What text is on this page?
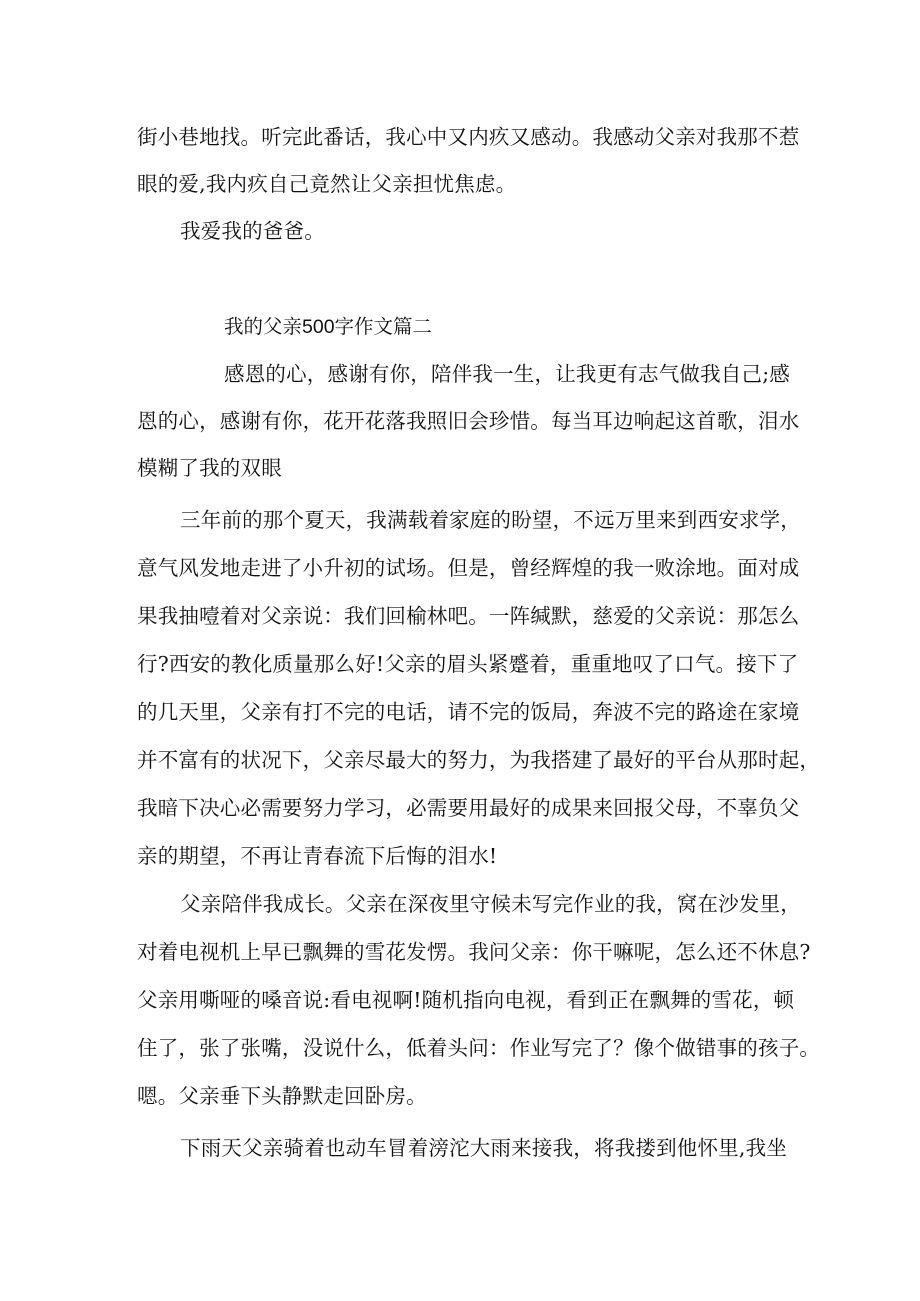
街小巷地找。听完此番话，我心中又内疚又感动。我感动父亲对我那不惹
眼的爱,我内疚自己竟然让父亲担忧焦虑。
我爱我的爸爸。
我的父亲500字作文篇二
感恩的心，感谢有你，陪伴我一生，让我更有志气做我自己;感
恩的心，感谢有你，花开花落我照旧会珍惜。每当耳边响起这首歌，泪水
模糊了我的双眼
三年前的那个夏天，我满载着家庭的盼望，不远万里来到西安求学，
意气风发地走进了小升初的试场。但是，曾经辉煌的我一败涂地。面对成
果我抽噎着对父亲说：我们回榆林吧。一阵缄默，慈爱的父亲说：那怎么
行?西安的教化质量那么好!父亲的眉头紧蹙着，重重地叹了口气。接下了
的几天里，父亲有打不完的电话，请不完的饭局，奔波不完的路途在家境
并不富有的状况下，父亲尽最大的努力，为我搭建了最好的平台从那时起，
我暗下决心必需要努力学习，必需要用最好的成果来回报父母，不辜负父
亲的期望，不再让青春流下后悔的泪水!
父亲陪伴我成长。父亲在深夜里守候未写完作业的我，窝在沙发里，
对着电视机上早已飘舞的雪花发愣。我问父亲：你干嘛呢，怎么还不休息?
父亲用嘶哑的嗓音说:看电视啊!随机指向电视，看到正在飘舞的雪花，顿
住了，张了张嘴，没说什么，低着头问：作业写完了？像个做错事的孩子。
嗯。父亲垂下头静默走回卧房。
下雨天父亲骑着也动车冒着滂沱大雨来接我，将我搂到他怀里,我坐
